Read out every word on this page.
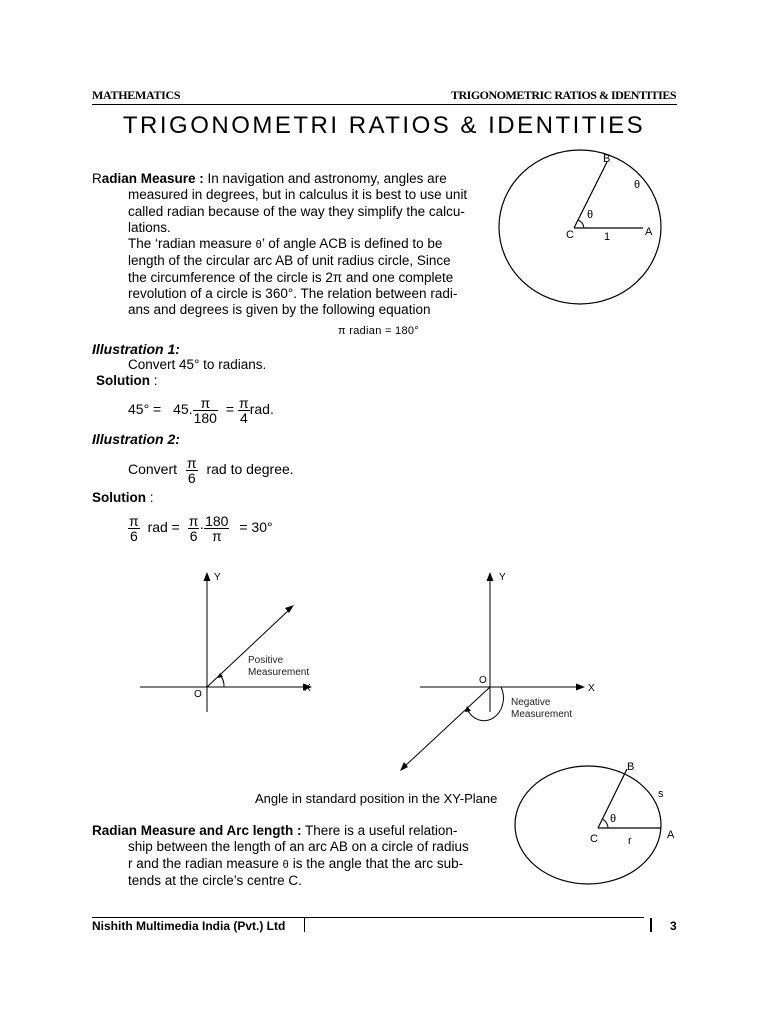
MATHEMATICS	TRIGONOMETRIC RATIOS & IDENTITIES
TRIGONOMETRI RATIOS & IDENTITIES
Radian Measure : In navigation and astronomy, angles are
measured in degrees, but in calculus it is best to use unit
called radian because of the way they simplify the calcu-
lations.
The ‘radian measure θ’ of angle ACB is defined to be
length of the circular arc AB of unit radius circle, Since
the circumference of the circle is 2π and one complete
revolution of a circle is 360°. The relation between radi-
ans and degrees is given by the following equation
π radian = 180°
Illustration 1:
Convert 45° to radians.
Solution :
45° = 45. $\frac{\pi}{180} = \frac{\pi}{4}$ rad.
Illustration 2:
Convert $\frac{\pi}{6}$ rad to degree.
Solution :
$\frac{\pi}{6}$ rad = $\frac{\pi}{6} \cdot \frac{180}{\pi} = 30^\circ$
B
A
C	1
θ
θ
Y
X
O
Positive
Measurement
Y
X
O
Negative
Measurement
Angle in standard position in the XY-Plane
B
A
C	r
s
θ
Radian Measure and Arc length : There is a useful relation-
ship between the length of an arc AB on a circle of radius
r and the radian measure θ is the angle that the arc sub-
tends at the circle’s centre C.
Nishith Multimedia India (Pvt.) Ltd	3
